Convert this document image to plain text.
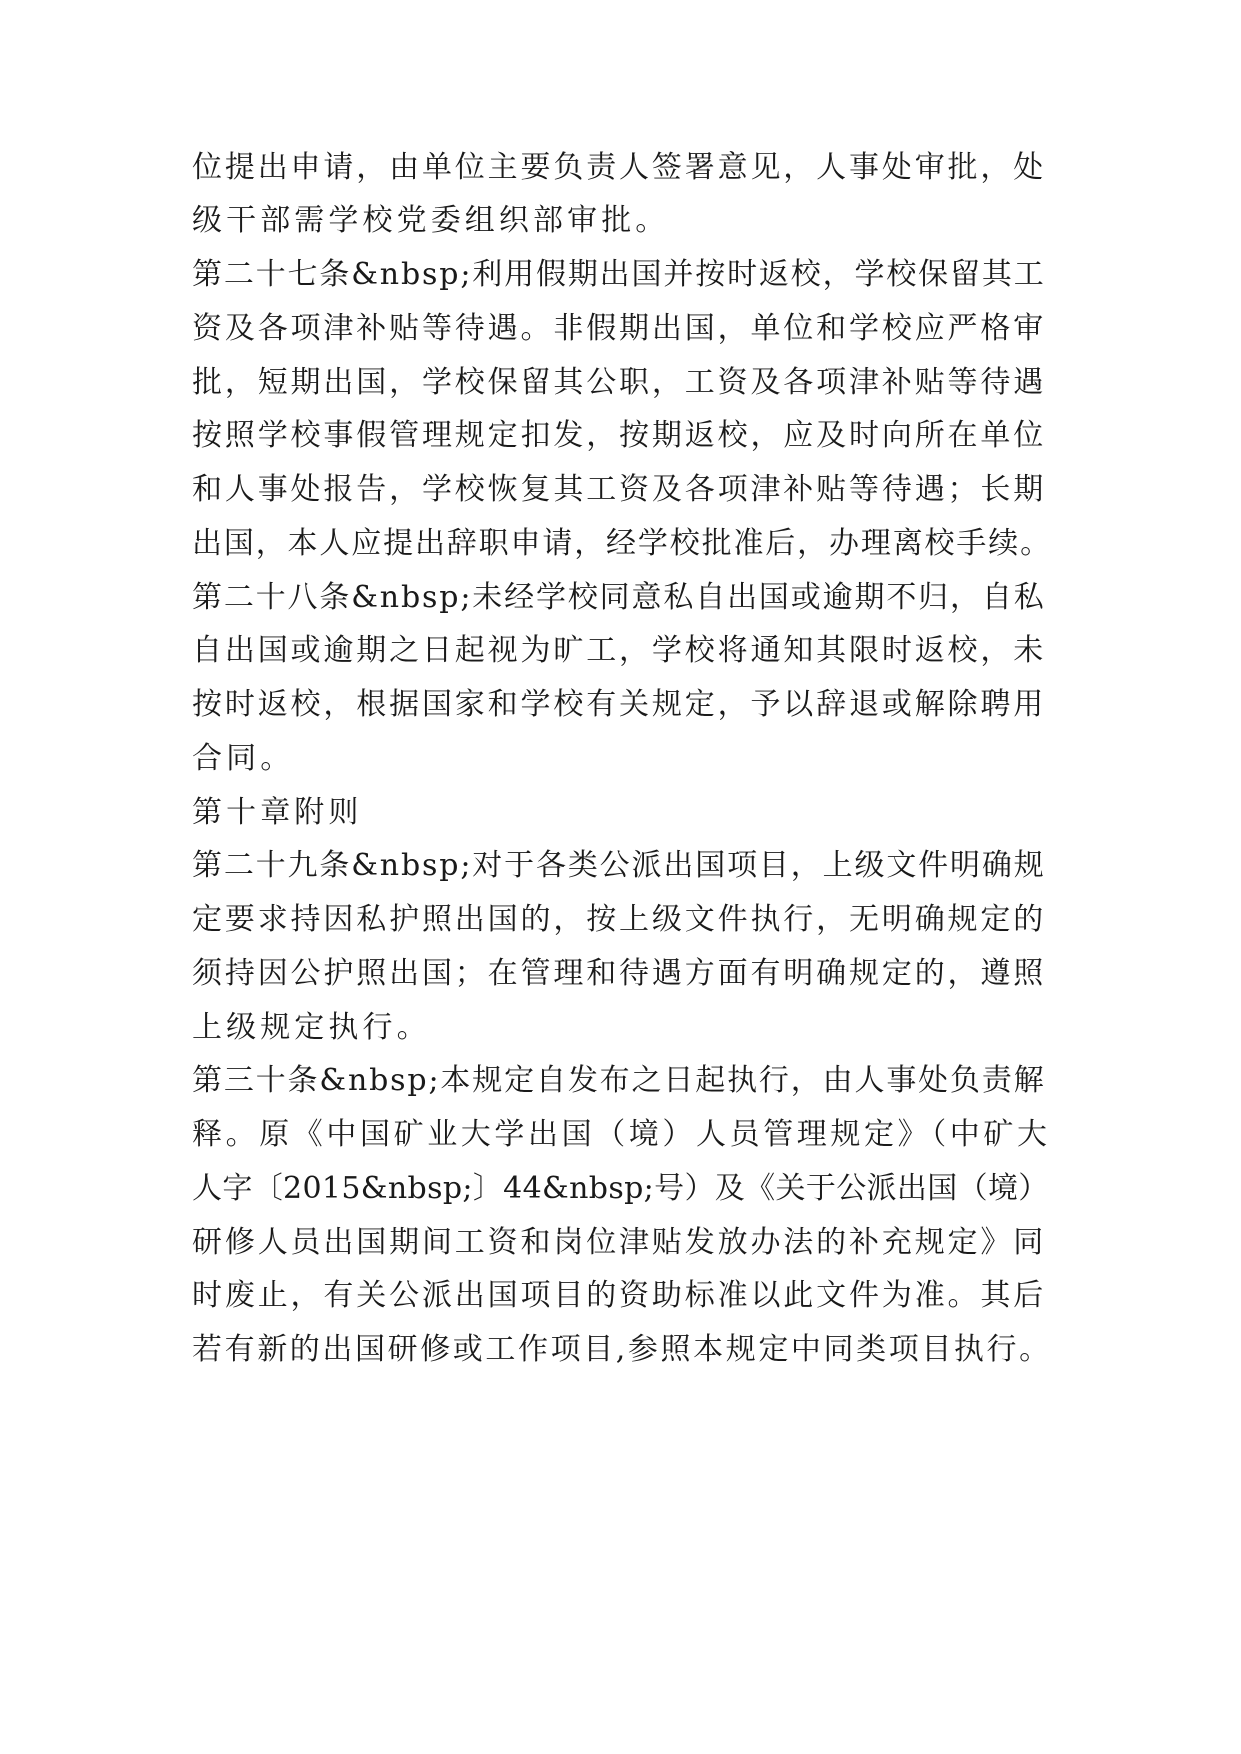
位提出申请，由单位主要负责人签署意见，人事处审批，处
级干部需学校党委组织部审批。
第二十七条&nbsp;利用假期出国并按时返校，学校保留其工
资及各项津补贴等待遇。非假期出国，单位和学校应严格审
批，短期出国，学校保留其公职，工资及各项津补贴等待遇
按照学校事假管理规定扣发，按期返校，应及时向所在单位
和人事处报告，学校恢复其工资及各项津补贴等待遇；长期
出国，本人应提出辞职申请，经学校批准后，办理离校手续。
第二十八条&nbsp;未经学校同意私自出国或逾期不归，自私
自出国或逾期之日起视为旷工，学校将通知其限时返校，未
按时返校，根据国家和学校有关规定，予以辞退或解除聘用
合同。
第十章附则
第二十九条&nbsp;对于各类公派出国项目，上级文件明确规
定要求持因私护照出国的，按上级文件执行，无明确规定的
须持因公护照出国；在管理和待遇方面有明确规定的，遵照
上级规定执行。
第三十条&nbsp;本规定自发布之日起执行，由人事处负责解
释。原《中国矿业大学出国（境）人员管理规定》（中矿大
人字〔2015&nbsp;〕44&nbsp;号）及《关于公派出国（境）
研修人员出国期间工资和岗位津贴发放办法的补充规定》同
时废止，有关公派出国项目的资助标准以此文件为准。其后
若有新的出国研修或工作项目,参照本规定中同类项目执行。
